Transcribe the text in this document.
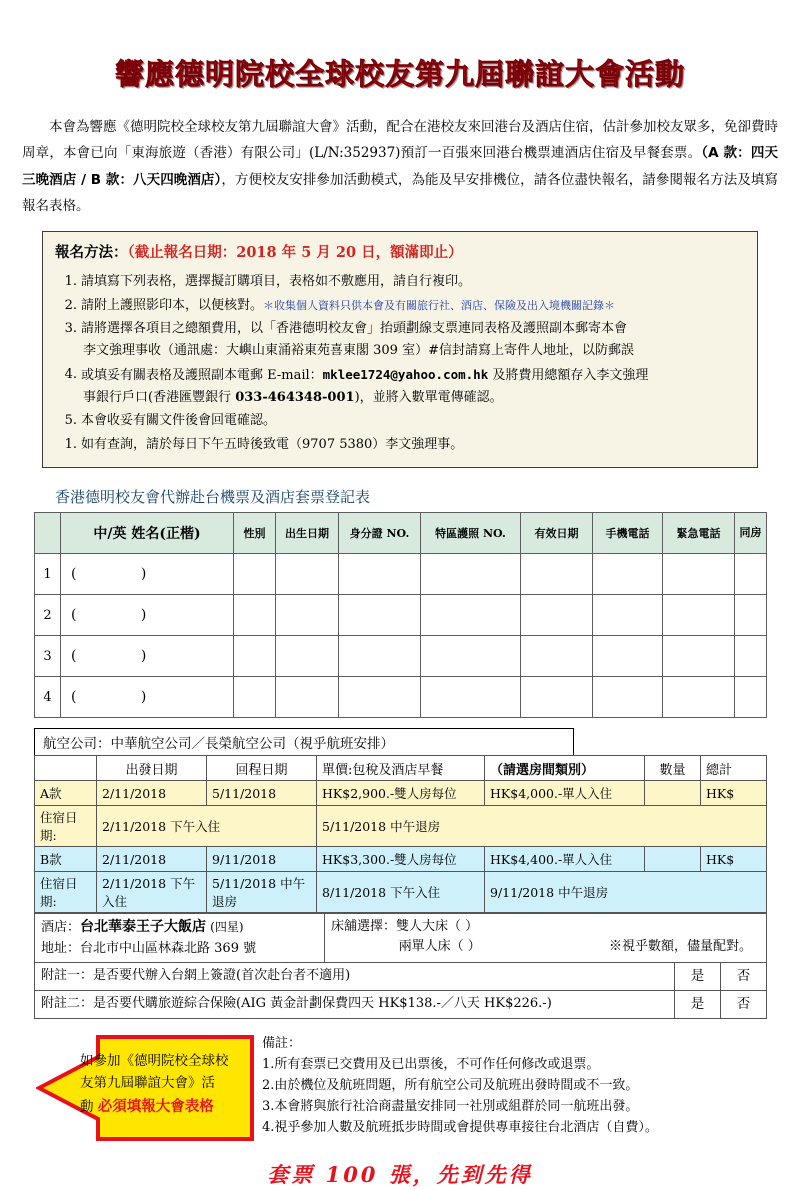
響應德明院校全球校友第九屆聯誼大會活動
本會為響應《德明院校全球校友第九屆聯誼大會》活動，配合在港校友來回港台及酒店住宿，估計參加校友眾多，免卻費時周章，本會已向「東海旅遊（香港）有限公司」(L/N:352937)預訂一百張來回港台機票連酒店住宿及早餐套票。（A 款：四天三晚酒店 / B 款：八天四晚酒店），方便校友安排參加活動模式，為能及早安排機位，請各位盡快報名，請參閱報名方法及填寫報名表格。
報名方法：（截止報名日期：2018 年 5 月 20 日，額滿即止）
1. 請填寫下列表格，選擇擬訂購項目，表格如不敷應用，請自行複印。
2. 請附上護照影印本，以便核對。＊收集個人資料只供本會及有關旅行社、酒店、保險及出入境機關記錄＊
3. 請將選擇各項目之總額費用，以「香港德明校友會」抬頭劃線支票連同表格及護照副本郵寄本會
李文強理事收（通訊處：大嶼山東涌裕東苑喜東閣 309 室）#信封請寫上寄件人地址，以防郵誤
4. 或填妥有關表格及護照副本電郵 E-mail：mklee1724@yahoo.com.hk 及將費用總額存入李文強理
事銀行戶口(香港匯豐銀行 033-464348-001)，並將入數單電傳確認。
5. 本會收妥有關文件後會回電確認。
1. 如有查詢，請於每日下午五時後致電（9707 5380）李文強理事。
香港德明校友會代辦赴台機票及酒店套票登記表
	中/英 姓名(正楷)	性別	出生日期	身分證 NO.	特區護照 NO.	有效日期	手機電話	緊急電話	同房
1	( )								
2	( )								
3	( )								
4	( )								
航空公司：中華航空公司／長榮航空公司（視乎航班安排）
	出發日期	回程日期	單價:包稅及酒店早餐	（請選房間類別）	數量	總計
A款	2/11/2018	5/11/2018	HK$2,900.-雙人房每位	HK$4,000.-單人入住		HK$
住宿日期:	2/11/2018 下午入住		5/11/2018 中午退房			
B款	2/11/2018	9/11/2018	HK$3,300.-雙人房每位	HK$4,400.-單人入住		HK$
住宿日期:	2/11/2018 下午入住	5/11/2018 中午退房	8/11/2018 下午入住	9/11/2018 中午退房		
酒店：台北華泰王子大飯店 (四星)
地址：台北市中山區林森北路 369 號

床舖選擇：雙人大床（ ）
兩單人床（ ）	※視乎數額，儘量配對。

附註一：是否要代辦入台網上簽證(首次赴台者不適用)		是	否
附註二：是否要代購旅遊綜合保險(AIG 黃金計劃保費四天 HK$138.-／八天 HK$226.-)		是	否
如參加《德明院校全球校
友第九屆聯誼大會》活
動 必須填報大會表格
備註：
1.所有套票已交費用及已出票後，不可作任何修改或退票。
2.由於機位及航班問題，所有航空公司及航班出發時間或不一致。
3.本會將與旅行社洽商盡量安排同一社別或組群於同一航班出發。
4.視乎參加人數及航班抵步時間或會提供專車接往台北酒店（自費）。
套票 100 張，先到先得
